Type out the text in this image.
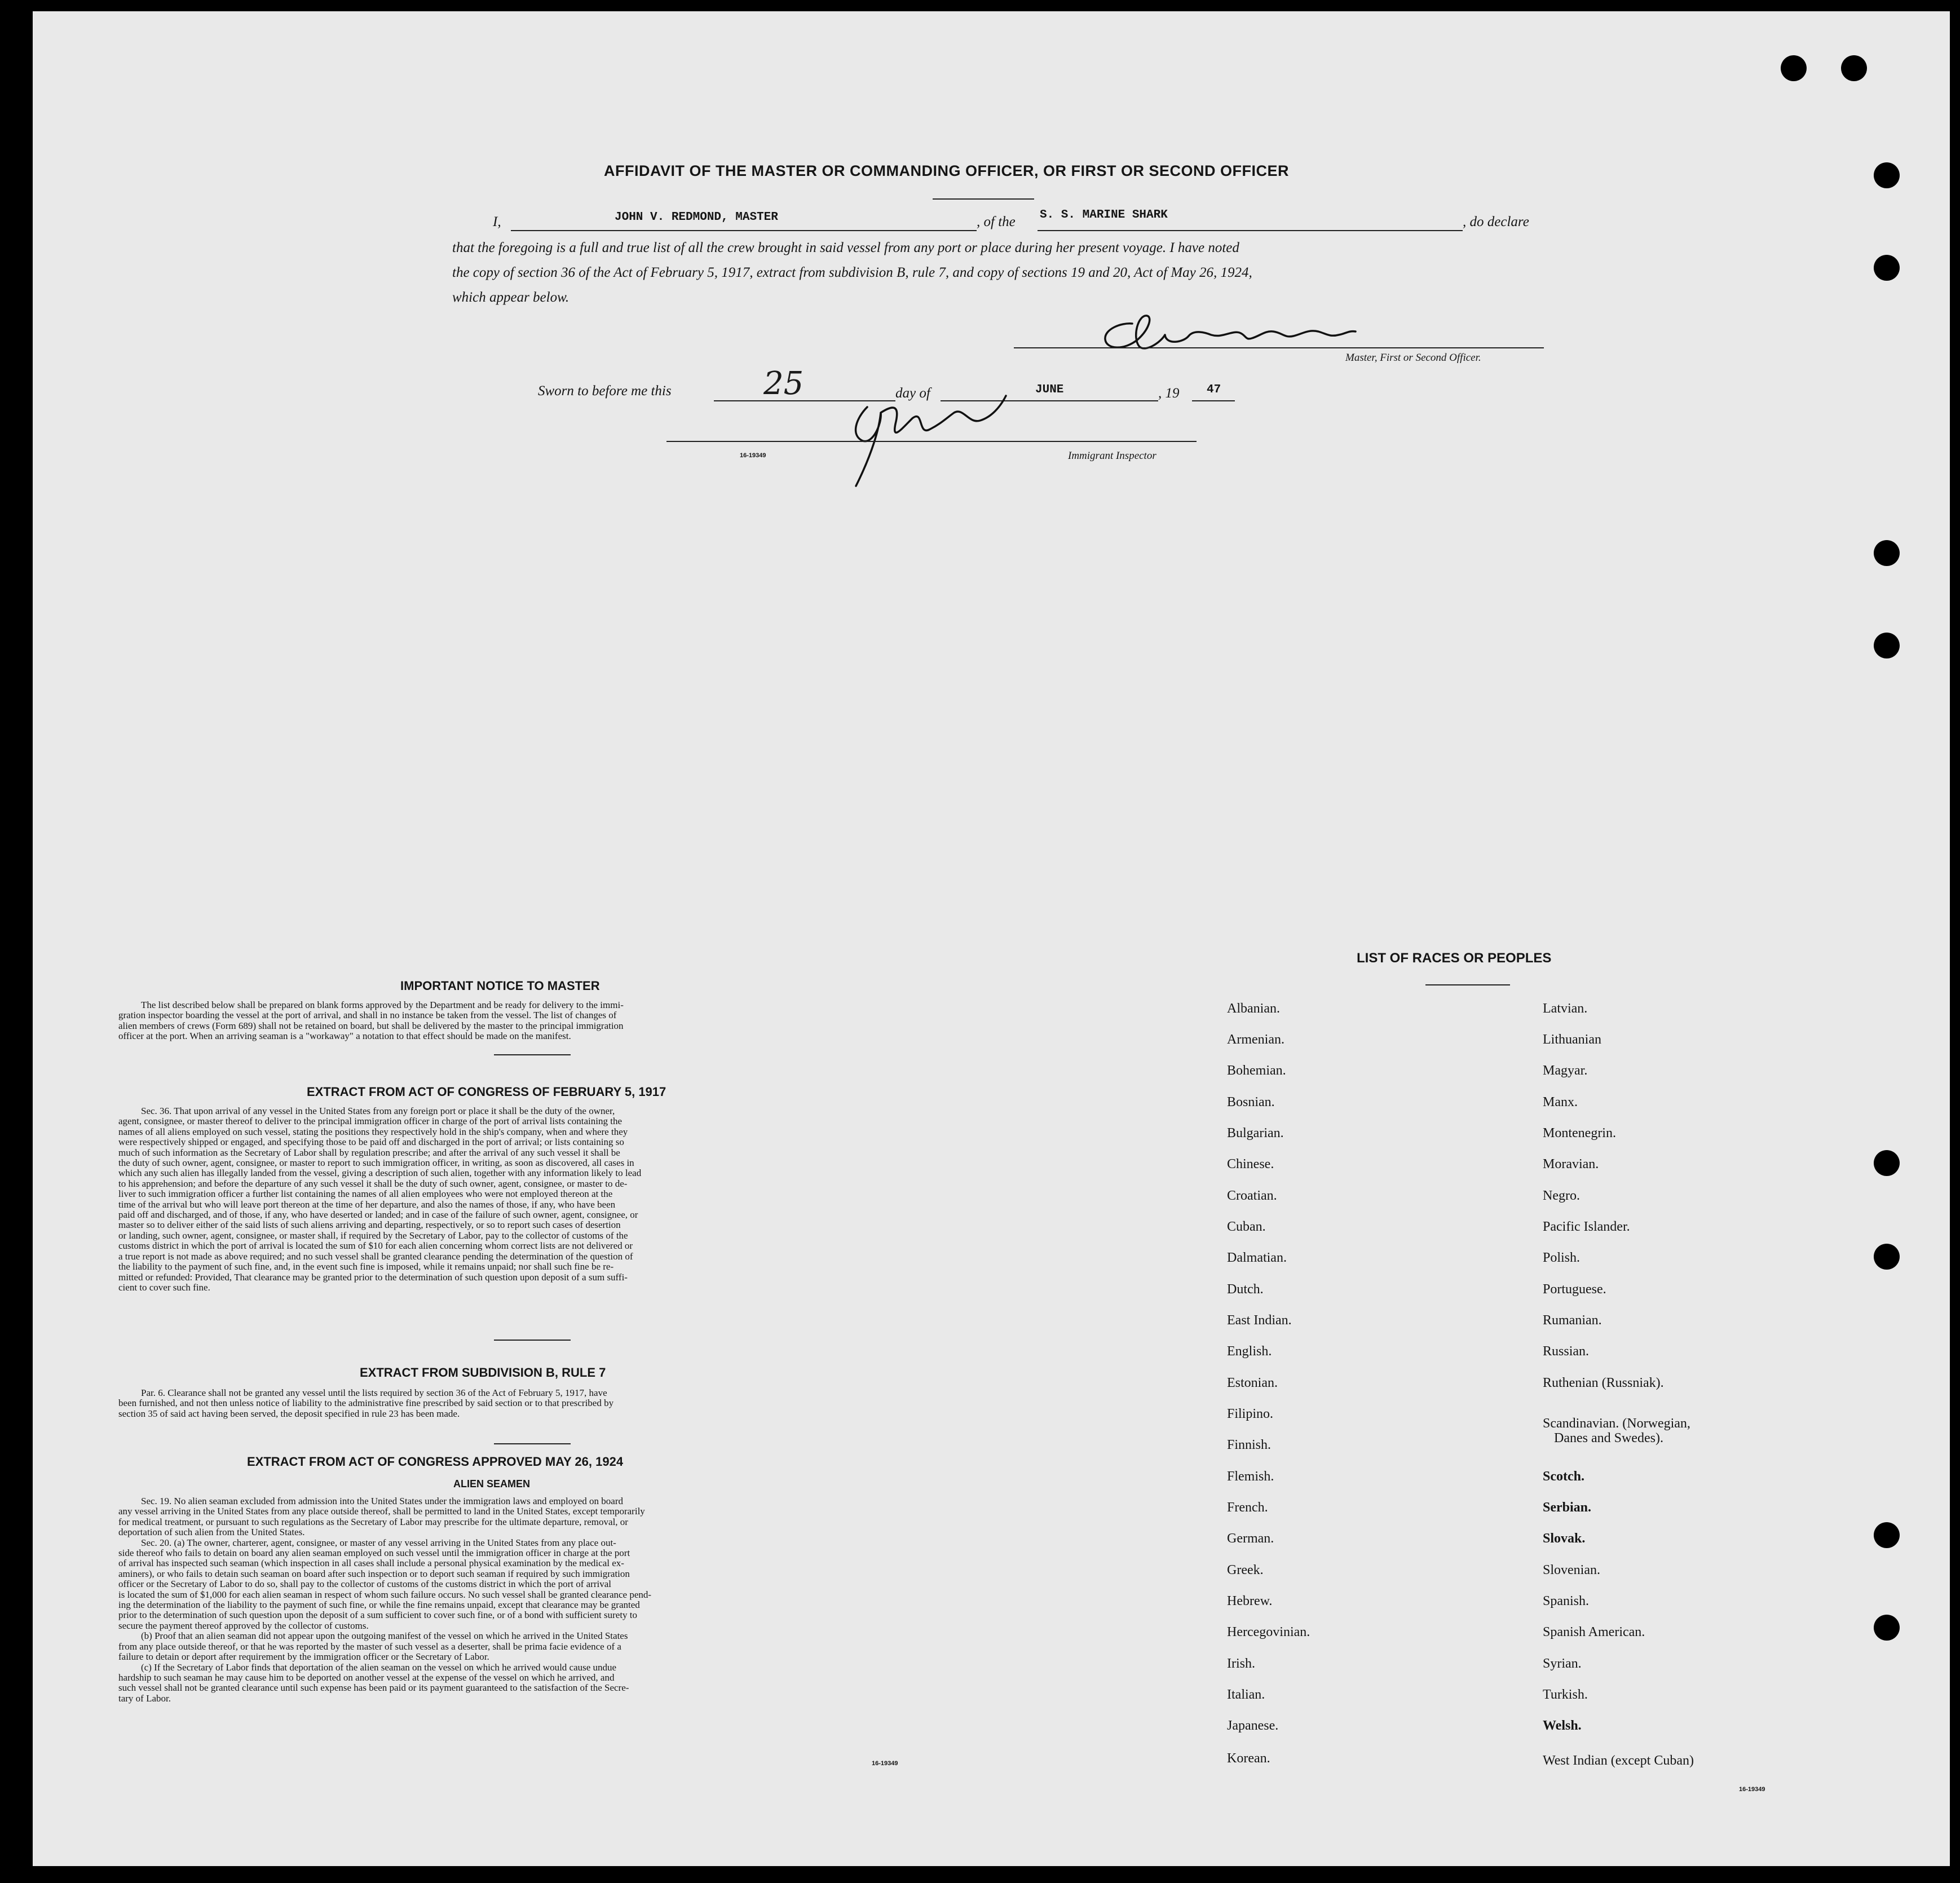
AFFIDAVIT OF THE MASTER OR COMMANDING OFFICER, OR FIRST OR SECOND OFFICER
I,	JOHN V. REDMOND, MASTER	, of the S. S. MARINE SHARK	, do declare
that the foregoing is a full and true list of all the crew brought in said vessel from any port or place during her present voyage. I have noted
the copy of section 36 of the Act of February 5, 1917, extract from subdivision B, rule 7, and copy of sections 19 and 20, Act of May 26, 1924,
which appear below.
Master, First or Second Officer.
Sworn to before me this	25	day of	JUNE	, 19 47
16-19349	Immigrant Inspector
IMPORTANT NOTICE TO MASTER
The list described below shall be prepared on blank forms approved by the Department and be ready for delivery to the immi-
gration inspector boarding the vessel at the port of arrival, and shall in no instance be taken from the vessel. The list of changes of
alien members of crews (Form 689) shall not be retained on board, but shall be delivered by the master to the principal immigration
officer at the port. When an arriving seaman is a "workaway" a notation to that effect should be made on the manifest.
EXTRACT FROM ACT OF CONGRESS OF FEBRUARY 5, 1917
Sec. 36. That upon arrival of any vessel in the United States from any foreign port or place it shall be the duty of the owner,
agent, consignee, or master thereof to deliver to the principal immigration officer in charge of the port of arrival lists containing the
names of all aliens employed on such vessel, stating the positions they respectively hold in the ship's company, when and where they
were respectively shipped or engaged, and specifying those to be paid off and discharged in the port of arrival; or lists containing so
much of such information as the Secretary of Labor shall by regulation prescribe; and after the arrival of any such vessel it shall be
the duty of such owner, agent, consignee, or master to report to such immigration officer, in writing, as soon as discovered, all cases in
which any such alien has illegally landed from the vessel, giving a description of such alien, together with any information likely to lead
to his apprehension; and before the departure of any such vessel it shall be the duty of such owner, agent, consignee, or master to de-
liver to such immigration officer a further list containing the names of all alien employees who were not employed thereon at the
time of the arrival but who will leave port thereon at the time of her departure, and also the names of those, if any, who have been
paid off and discharged, and of those, if any, who have deserted or landed; and in case of the failure of such owner, agent, consignee, or
master so to deliver either of the said lists of such aliens arriving and departing, respectively, or so to report such cases of desertion
or landing, such owner, agent, consignee, or master shall, if required by the Secretary of Labor, pay to the collector of customs of the
customs district in which the port of arrival is located the sum of $10 for each alien concerning whom correct lists are not delivered or
a true report is not made as above required; and no such vessel shall be granted clearance pending the determination of the question of
the liability to the payment of such fine, and, in the event such fine is imposed, while it remains unpaid; nor shall such fine be re-
mitted or refunded: Provided, That clearance may be granted prior to the determination of such question upon deposit of a sum suffi-
cient to cover such fine.
EXTRACT FROM SUBDIVISION B, RULE 7
Par. 6. Clearance shall not be granted any vessel until the lists required by section 36 of the Act of February 5, 1917, have
been furnished, and not then unless notice of liability to the administrative fine prescribed by said section or to that prescribed by
section 35 of said act having been served, the deposit specified in rule 23 has been made.
EXTRACT FROM ACT OF CONGRESS APPROVED MAY 26, 1924
ALIEN SEAMEN
Sec. 19. No alien seaman excluded from admission into the United States under the immigration laws and employed on board
any vessel arriving in the United States from any place outside thereof, shall be permitted to land in the United States, except temporarily
for medical treatment, or pursuant to such regulations as the Secretary of Labor may prescribe for the ultimate departure, removal, or
deportation of such alien from the United States.
Sec. 20. (a) The owner, charterer, agent, consignee, or master of any vessel arriving in the United States from any place out-
side thereof who fails to detain on board any alien seaman employed on such vessel until the immigration officer in charge at the port
of arrival has inspected such seaman (which inspection in all cases shall include a personal physical examination by the medical ex-
aminers), or who fails to detain such seaman on board after such inspection or to deport such seaman if required by such immigration
officer or the Secretary of Labor to do so, shall pay to the collector of customs of the customs district in which the port of arrival
is located the sum of $1,000 for each alien seaman in respect of whom such failure occurs. No such vessel shall be granted clearance pend-
ing the determination of the liability to the payment of such fine, or while the fine remains unpaid, except that clearance may be granted
prior to the determination of such question upon the deposit of a sum sufficient to cover such fine, or of a bond with sufficient surety to
secure the payment thereof approved by the collector of customs.
(b) Proof that an alien seaman did not appear upon the outgoing manifest of the vessel on which he arrived in the United States
from any place outside thereof, or that he was reported by the master of such vessel as a deserter, shall be prima facie evidence of a
failure to detain or deport after requirement by the immigration officer or the Secretary of Labor.
(c) If the Secretary of Labor finds that deportation of the alien seaman on the vessel on which he arrived would cause undue
hardship to such seaman he may cause him to be deported on another vessel at the expense of the vessel on which he arrived, and
such vessel shall not be granted clearance until such expense has been paid or its payment guaranteed to the satisfaction of the Secre-
tary of Labor.
16-19349
LIST OF RACES OR PEOPLES
Albanian.
Armenian.
Bohemian.
Bosnian.
Bulgarian.
Chinese.
Croatian.
Cuban.
Dalmatian.
Dutch.
East Indian.
English.
Estonian.
Filipino.
Finnish.
Flemish.
French.
German.
Greek.
Hebrew.
Hercegovinian.
Irish.
Italian.
Japanese.
Korean.
Latvian.
Lithuanian
Magyar.
Manx.
Montenegrin.
Moravian.
Negro.
Pacific Islander.
Polish.
Portuguese.
Rumanian.
Russian.
Ruthenian (Russniak).
Scandinavian. (Norwegian,
Danes and Swedes).
Scotch.
Serbian.
Slovak.
Slovenian.
Spanish.
Spanish American.
Syrian.
Turkish.
Welsh.
West Indian (except Cuban)
16-19349
